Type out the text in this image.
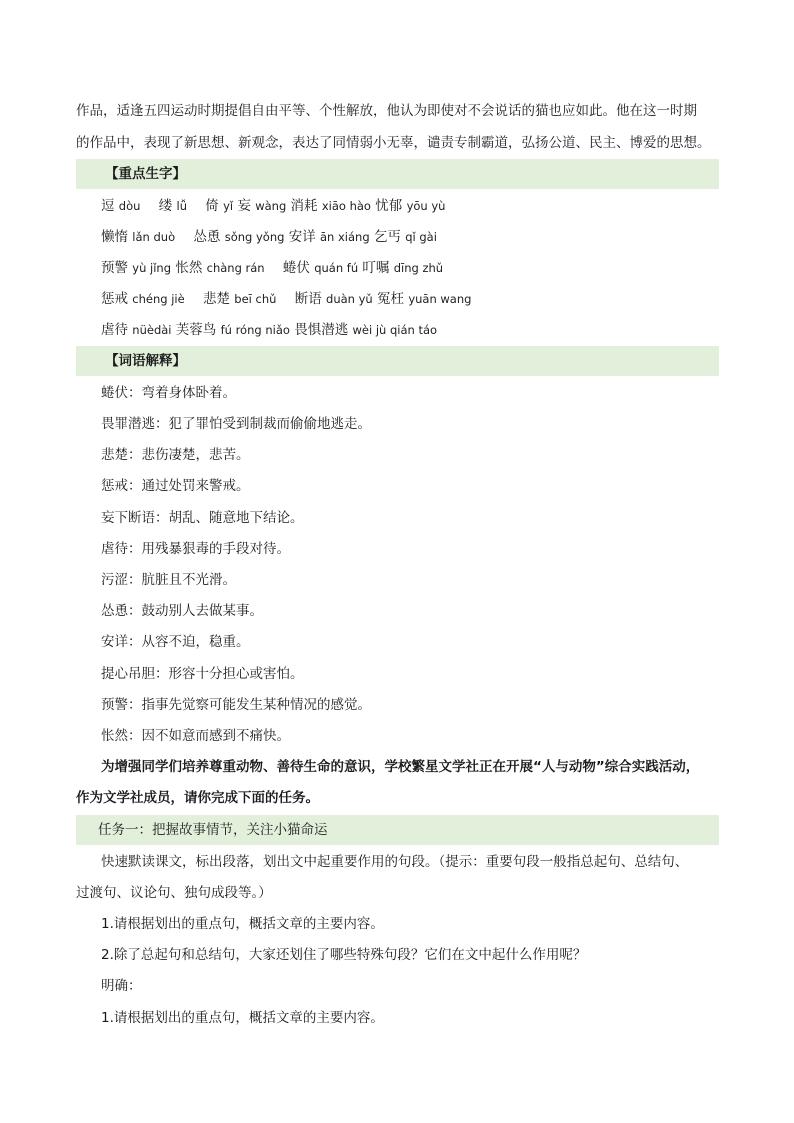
作品，适逢五四运动时期提倡自由平等、个性解放，他认为即使对不会说话的猫也应如此。他在这一时期
的作品中，表现了新思想、新观念，表达了同情弱小无辜，谴责专制霸道，弘扬公道、民主、博爱的思想。
【重点生字】
逗 dòu 缕 lǚ 倚 yǐ 妄 wàng 消耗 xiāo hào 忧郁 yōu yù
懒惰 lǎn duò 怂恿 sǒng yǒng 安详 ān xiáng 乞丐 qǐ gài
预警 yù jǐng 怅然 chàng rán 蜷伏 quán fú 叮嘱 dīng zhǔ
惩戒 chéng jiè 悲楚 beī chǔ 断语 duàn yǔ 冤枉 yuān wang
虐待 nüèdài 芙蓉鸟 fú róng niǎo 畏惧潜逃 wèi jù qián táo
【词语解释】
蜷伏：弯着身体卧着。
畏罪潜逃：犯了罪怕受到制裁而偷偷地逃走。
悲楚：悲伤凄楚，悲苦。
惩戒：通过处罚来警戒。
妄下断语：胡乱、随意地下结论。
虐待：用残暴狠毒的手段对待。
污涩：肮脏且不光滑。
怂恿：鼓动别人去做某事。
安详：从容不迫，稳重。
提心吊胆：形容十分担心或害怕。
预警：指事先觉察可能发生某种情况的感觉。
怅然：因不如意而感到不痛快。
为增强同学们培养尊重动物、善待生命的意识，学校繁星文学社正在开展“人与动物”综合实践活动，
作为文学社成员，请你完成下面的任务。
任务一：把握故事情节，关注小猫命运
快速默读课文，标出段落，划出文中起重要作用的句段。（提示：重要句段一般指总起句、总结句、
过渡句、议论句、独句成段等。）
1.请根据划出的重点句，概括文章的主要内容。
2.除了总起句和总结句，大家还划住了哪些特殊句段？它们在文中起什么作用呢？
明确：
1.请根据划出的重点句，概括文章的主要内容。
